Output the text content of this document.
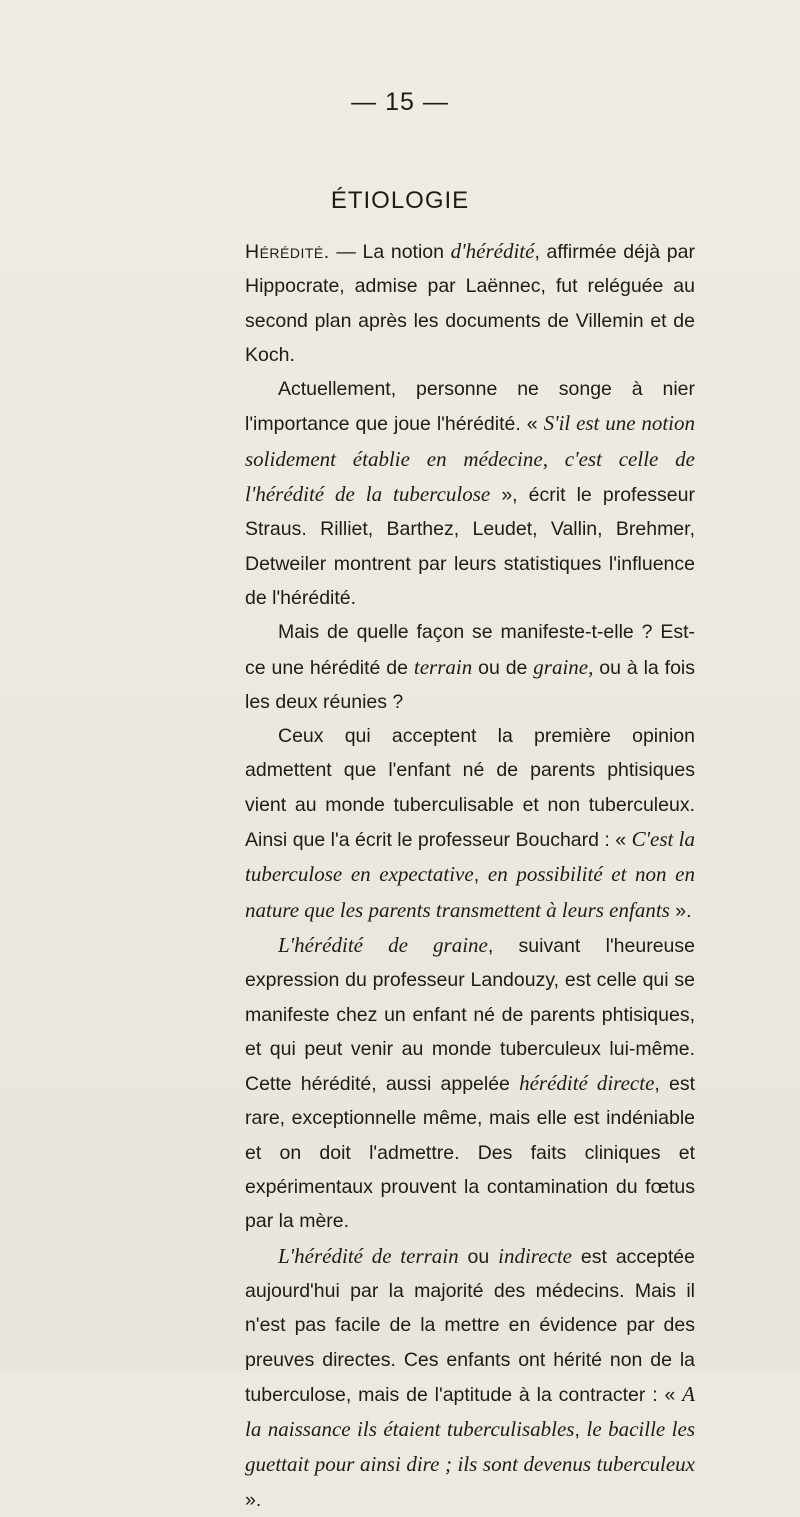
— 15 —
ÉTIOLOGIE

Hérédité. — La notion d'hérédité, affirmée déjà par Hippocrate, admise par Laënnec, fut reléguée au second plan après les documents de Villemin et de Koch.

Actuellement, personne ne songe à nier l'importance que joue l'hérédité. « S'il est une notion solidement établie en médecine, c'est celle de l'hérédité de la tuberculose », écrit le professeur Straus. Rilliet, Barthez, Leudet, Vallin, Brehmer, Detweiler montrent par leurs statistiques l'influence de l'hérédité.

Mais de quelle façon se manifeste-t-elle ? Est-ce une hérédité de terrain ou de graine, ou à la fois les deux réunies ?

Ceux qui acceptent la première opinion admettent que l'enfant né de parents phtisiques vient au monde tuberculisable et non tuberculeux. Ainsi que l'a écrit le professeur Bouchard : « C'est la tuberculose en expectative, en possibilité et non en nature que les parents transmettent à leurs enfants ».

L'hérédité de graine, suivant l'heureuse expression du professeur Landouzy, est celle qui se manifeste chez un enfant né de parents phtisiques, et qui peut venir au monde tuberculeux lui-même. Cette hérédité, aussi appelée hérédité directe, est rare, exceptionnelle même, mais elle est indéniable et on doit l'admettre. Des faits cliniques et expérimentaux prouvent la contamination du fœtus par la mère.

L'hérédité de terrain ou indirecte est acceptée aujourd'hui par la majorité des médecins. Mais il n'est pas facile de la mettre en évidence par des preuves directes. Ces enfants ont hérité non de la tuberculose, mais de l'aptitude à la contracter : « A la naissance ils étaient tuberculisables, le bacille les guettait pour ainsi dire ; ils sont devenus tuberculeux ».
